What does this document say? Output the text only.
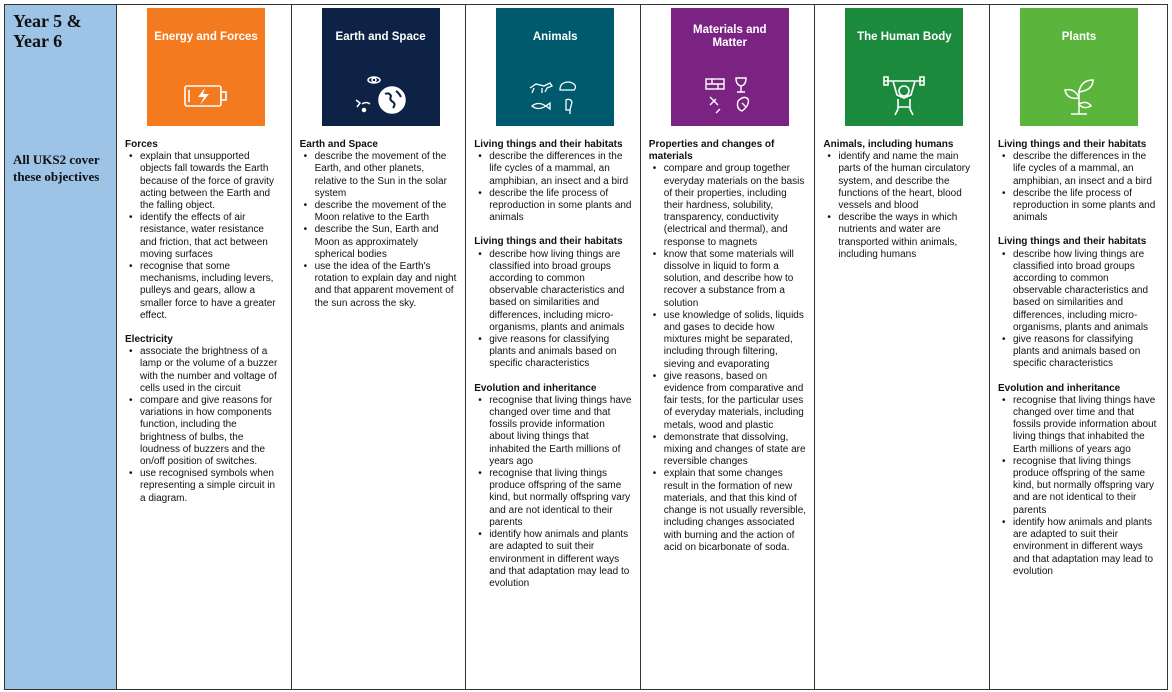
Year 5 &
Year 6
All UKS2 cover these objectives
Energy and Forces
Forces
• explain that unsupported objects fall towards the Earth because of the force of gravity acting between the Earth and the falling object.
• identify the effects of air resistance, water resistance and friction, that act between moving surfaces
• recognise that some mechanisms, including levers, pulleys and gears, allow a smaller force to have a greater effect.
Electricity
• associate the brightness of a lamp or the volume of a buzzer with the number and voltage of cells used in the circuit
• compare and give reasons for variations in how components function, including the brightness of bulbs, the loudness of buzzers and the on/off position of switches.
• use recognised symbols when representing a simple circuit in a diagram.
Earth and Space
Earth and Space
• describe the movement of the Earth, and other planets, relative to the Sun in the solar system
• describe the movement of the Moon relative to the Earth
• describe the Sun, Earth and Moon as approximately spherical bodies
• use the idea of the Earth's rotation to explain day and night and that apparent movement of the sun across the sky.
Animals
Living things and their habitats
• describe the differences in the life cycles of a mammal, an amphibian, an insect and a bird
• describe the life process of reproduction in some plants and animals
Living things and their habitats
• describe how living things are classified into broad groups according to common observable characteristics and based on similarities and differences, including micro-organisms, plants and animals
• give reasons for classifying plants and animals based on specific characteristics
Evolution and inheritance
• recognise that living things have changed over time and that fossils provide information about living things that inhabited the Earth millions of years ago
• recognise that living things produce offspring of the same kind, but normally offspring vary and are not identical to their parents
• identify how animals and plants are adapted to suit their environment in different ways and that adaptation may lead to evolution
Materials and Matter
Properties and changes of materials
• compare and group together everyday materials on the basis of their properties, including their hardness, solubility, transparency, conductivity (electrical and thermal), and response to magnets
• know that some materials will dissolve in liquid to form a solution, and describe how to recover a substance from a solution
• use knowledge of solids, liquids and gases to decide how mixtures might be separated, including through filtering, sieving and evaporating
• give reasons, based on evidence from comparative and fair tests, for the particular uses of everyday materials, including metals, wood and plastic
• demonstrate that dissolving, mixing and changes of state are reversible changes
• explain that some changes result in the formation of new materials, and that this kind of change is not usually reversible, including changes associated with burning and the action of acid on bicarbonate of soda.
The Human Body
Animals, including humans
• identify and name the main parts of the human circulatory system, and describe the functions of the heart, blood vessels and blood
• describe the ways in which nutrients and water are transported within animals, including humans
Plants
Living things and their habitats
• describe the differences in the life cycles of a mammal, an amphibian, an insect and a bird
• describe the life process of reproduction in some plants and animals
Living things and their habitats
• describe how living things are classified into broad groups according to common observable characteristics and based on similarities and differences, including micro-organisms, plants and animals
• give reasons for classifying plants and animals based on specific characteristics
Evolution and inheritance
• recognise that living things have changed over time and that fossils provide information about living things that inhabited the Earth millions of years ago
• recognise that living things produce offspring of the same kind, but normally offspring vary and are not identical to their parents
• identify how animals and plants are adapted to suit their environment in different ways and that adaptation may lead to evolution
